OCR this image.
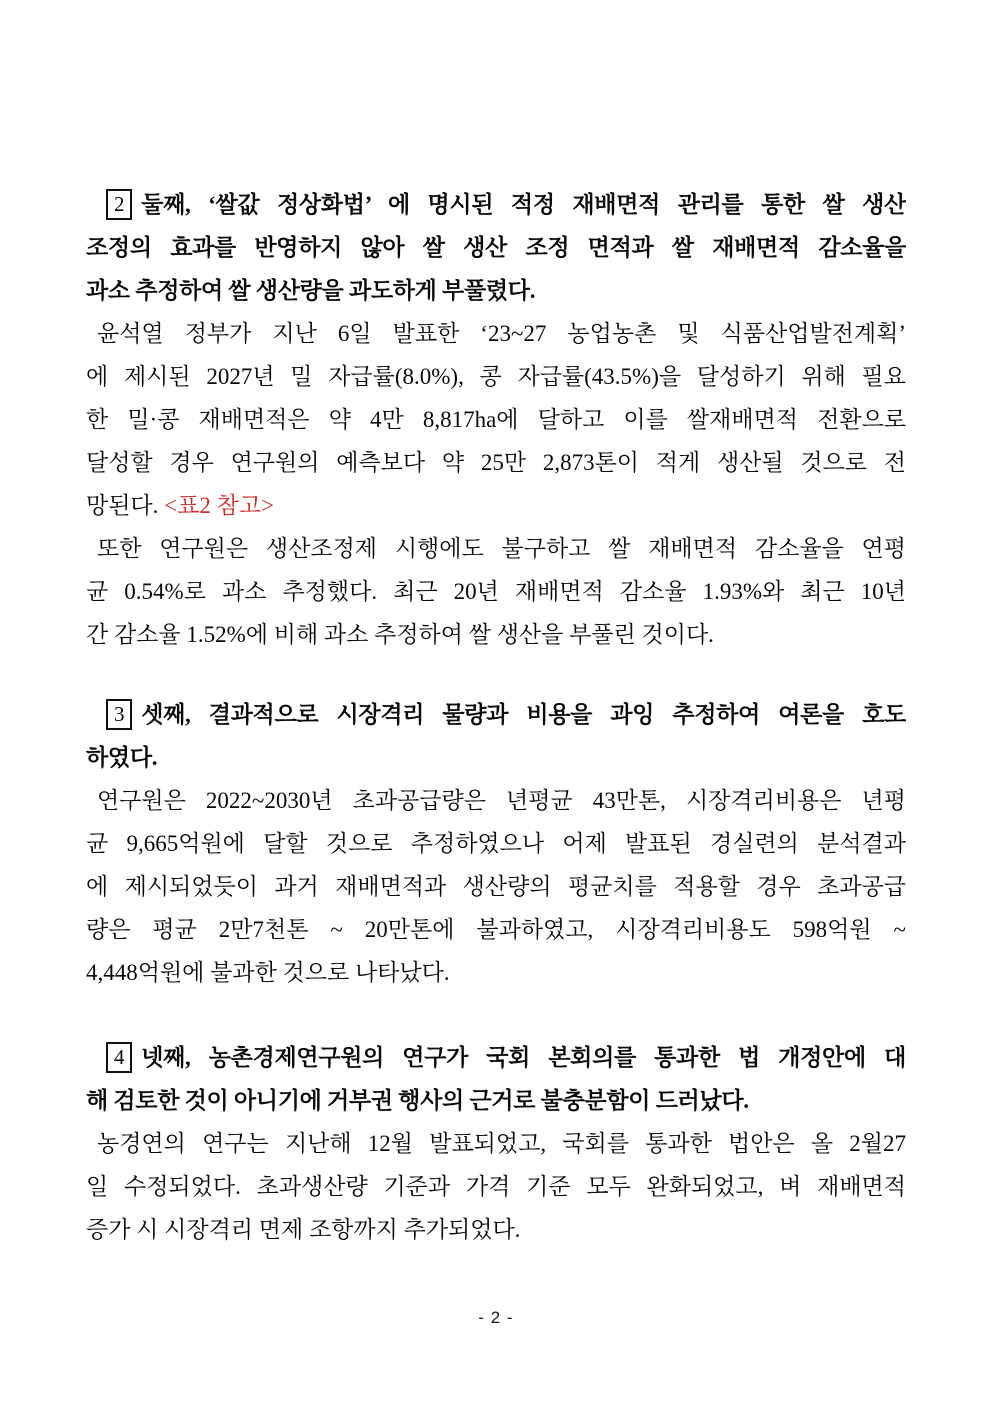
2 둘째, ‘쌀값 정상화법’ 에 명시된 적정 재배면적 관리를 통한 쌀 생산
조정의 효과를 반영하지 않아 쌀 생산 조정 면적과 쌀 재배면적 감소율을
과소 추정하여 쌀 생산량을 과도하게 부풀렸다.
윤석열 정부가 지난 6일 발표한 ‘23~27 농업농촌 및 식품산업발전계획’
에 제시된 2027년 밀 자급률(8.0%), 콩 자급률(43.5%)을 달성하기 위해 필요
한 밀·콩 재배면적은 약 4만 8,817ha에 달하고 이를 쌀재배면적 전환으로
달성할 경우 연구원의 예측보다 약 25만 2,873톤이 적게 생산될 것으로 전
망된다. <표2 참고>
또한 연구원은 생산조정제 시행에도 불구하고 쌀 재배면적 감소율을 연평
균 0.54%로 과소 추정했다. 최근 20년 재배면적 감소율 1.93%와 최근 10년
간 감소율 1.52%에 비해 과소 추정하여 쌀 생산을 부풀린 것이다.
3 셋째, 결과적으로 시장격리 물량과 비용을 과잉 추정하여 여론을 호도
하였다.
연구원은 2022~2030년 초과공급량은 년평균 43만톤, 시장격리비용은 년평
균 9,665억원에 달할 것으로 추정하였으나 어제 발표된 경실련의 분석결과
에 제시되었듯이 과거 재배면적과 생산량의 평균치를 적용할 경우 초과공급
량은 평균 2만7천톤 ~ 20만톤에 불과하였고, 시장격리비용도 598억원 ~
4,448억원에 불과한 것으로 나타났다.
4 넷째, 농촌경제연구원의 연구가 국회 본회의를 통과한 법 개정안에 대
해 검토한 것이 아니기에 거부권 행사의 근거로 불충분함이 드러났다.
농경연의 연구는 지난해 12월 발표되었고, 국회를 통과한 법안은 올 2월27
일 수정되었다. 초과생산량 기준과 가격 기준 모두 완화되었고, 벼 재배면적
증가 시 시장격리 면제 조항까지 추가되었다.
- 2 -
